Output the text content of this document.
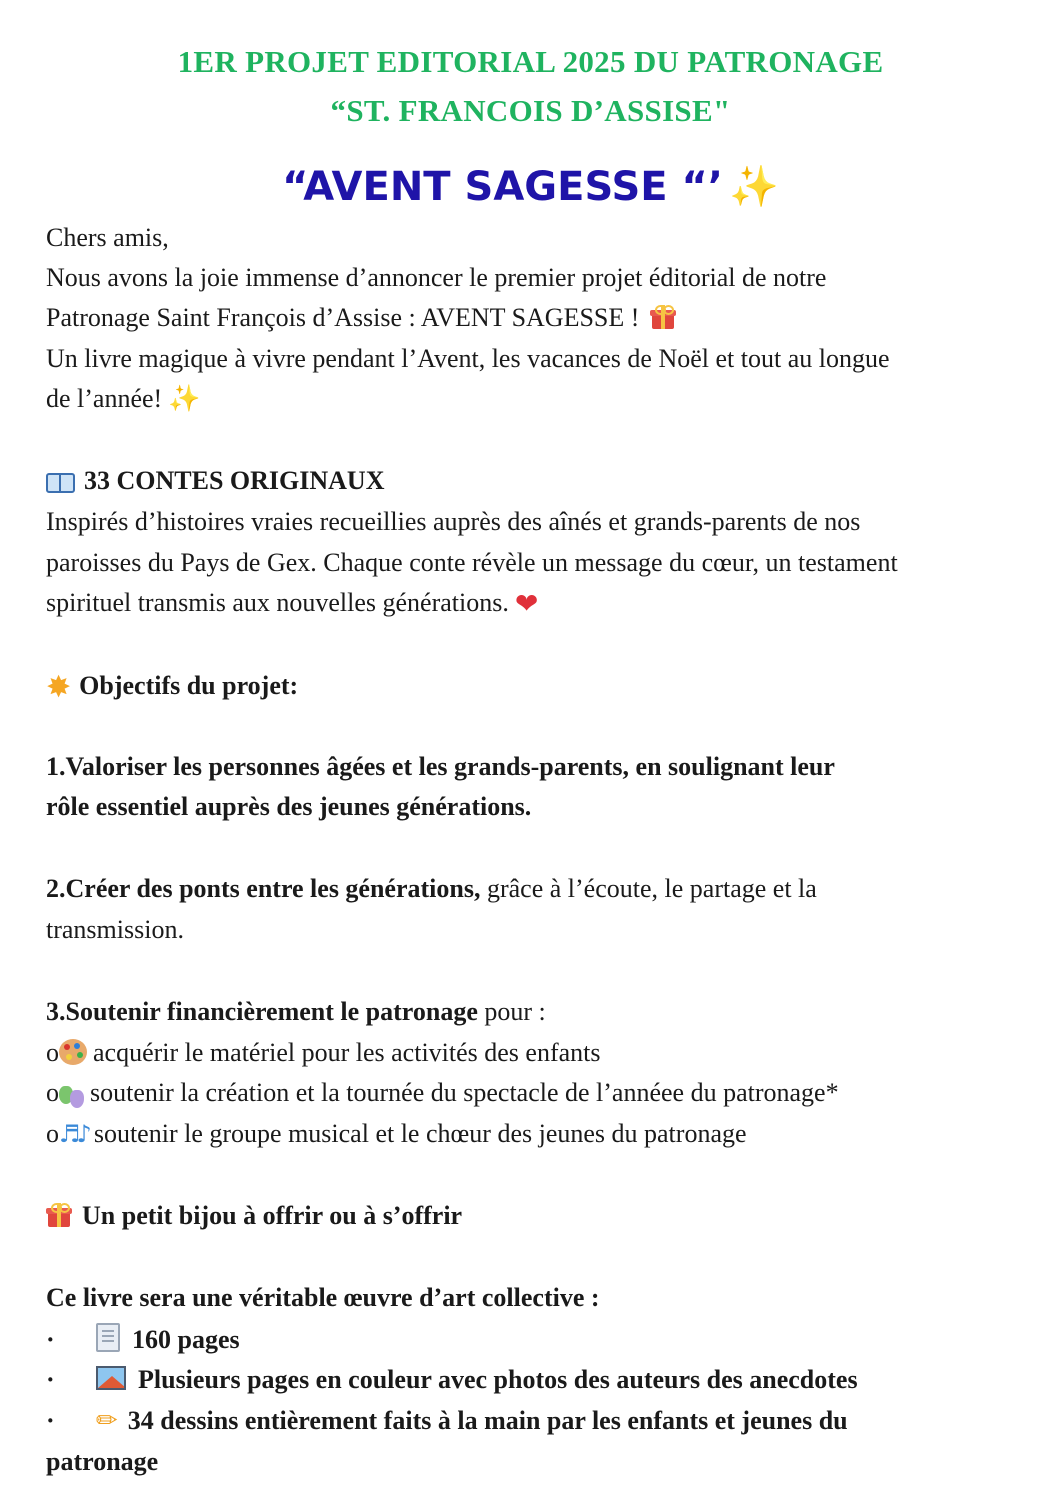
1ER PROJET EDITORIAL 2025 DU PATRONAGE
“ST. FRANCOIS D’ASSISE"
“AVENT SAGESSE “’ ✨
Chers amis,
Nous avons la joie immense d’annoncer le premier projet éditorial de notre
Patronage Saint François d’Assise : AVENT SAGESSE !
Un livre magique à vivre pendant l’Avent, les vacances de Noël et tout au longue
de l’année! ✨
33 CONTES ORIGINAUX
Inspirés d’histoires vraies recueillies auprès des aînés et grands-parents de nos
paroisses du Pays de Gex. Chaque conte révèle un message du cœur, un testament
spirituel transmis aux nouvelles générations. ❤
✸ Objectifs du projet:
1.Valoriser les personnes âgées et les grands-parents, en soulignant leur
rôle essentiel auprès des jeunes générations.
2.Créer des ponts entre les générations, grâce à l’écoute, le partage et la
transmission.
3.Soutenir financièrement le patronage pour :
o acquérir le matériel pour les activités des enfants
o soutenir la création et la tournée du spectacle de l’annéee du patronage*
o♬♪ soutenir le groupe musical et le chœur des jeunes du patronage
Un petit bijou à offrir ou à s’offrir
Ce livre sera une véritable œuvre d’art collective :
·	160 pages
·	Plusieurs pages en couleur avec photos des auteurs des anecdotes
· ✏ 34 dessins entièrement faits à la main par les enfants et jeunes du
patronage
